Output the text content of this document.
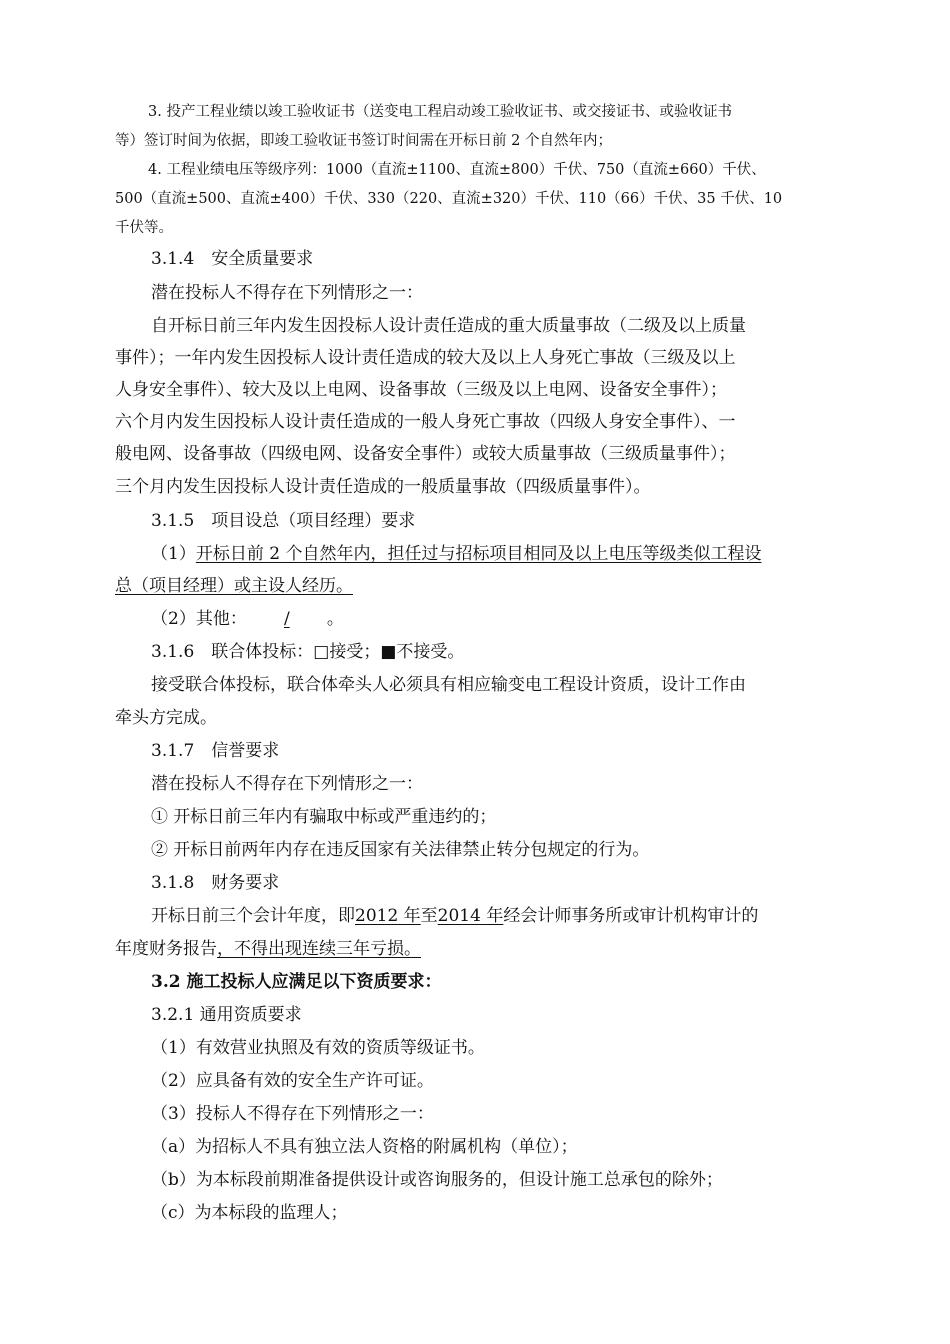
3. 投产工程业绩以竣工验收证书（送变电工程启动竣工验收证书、或交接证书、或验收证书
等）签订时间为依据，即竣工验收证书签订时间需在开标日前 2 个自然年内；
4. 工程业绩电压等级序列：1000（直流±1100、直流±800）千伏、750（直流±660）千伏、
500（直流±500、直流±400）千伏、330（220、直流±320）千伏、110（66）千伏、35 千伏、10
千伏等。
3.1.4　安全质量要求
潜在投标人不得存在下列情形之一：
自开标日前三年内发生因投标人设计责任造成的重大质量事故（二级及以上质量
事件）；一年内发生因投标人设计责任造成的较大及以上人身死亡事故（三级及以上
人身安全事件）、较大及以上电网、设备事故（三级及以上电网、设备安全事件）；
六个月内发生因投标人设计责任造成的一般人身死亡事故（四级人身安全事件）、一
般电网、设备事故（四级电网、设备安全事件）或较大质量事故（三级质量事件）；
三个月内发生因投标人设计责任造成的一般质量事故（四级质量事件）。
3.1.5　项目设总（项目经理）要求
（1）开标日前 2 个自然年内，担任过与招标项目相同及以上电压等级类似工程设
总（项目经理）或主设人经历。
（2）其他： / 。
3.1.6　联合体投标：□接受；■不接受。
接受联合体投标，联合体牵头人必须具有相应输变电工程设计资质，设计工作由
牵头方完成。
3.1.7　信誉要求
潜在投标人不得存在下列情形之一：
① 开标日前三年内有骗取中标或严重违约的；
② 开标日前两年内存在违反国家有关法律禁止转分包规定的行为。
3.1.8　财务要求
开标日前三个会计年度，即2012 年至2014 年经会计师事务所或审计机构审计的
年度财务报告，不得出现连续三年亏损。
3.2 施工投标人应满足以下资质要求：
3.2.1 通用资质要求
（1）有效营业执照及有效的资质等级证书。
（2）应具备有效的安全生产许可证。
（3）投标人不得存在下列情形之一：
（a）为招标人不具有独立法人资格的附属机构（单位）；
（b）为本标段前期准备提供设计或咨询服务的，但设计施工总承包的除外；
（c）为本标段的监理人；
